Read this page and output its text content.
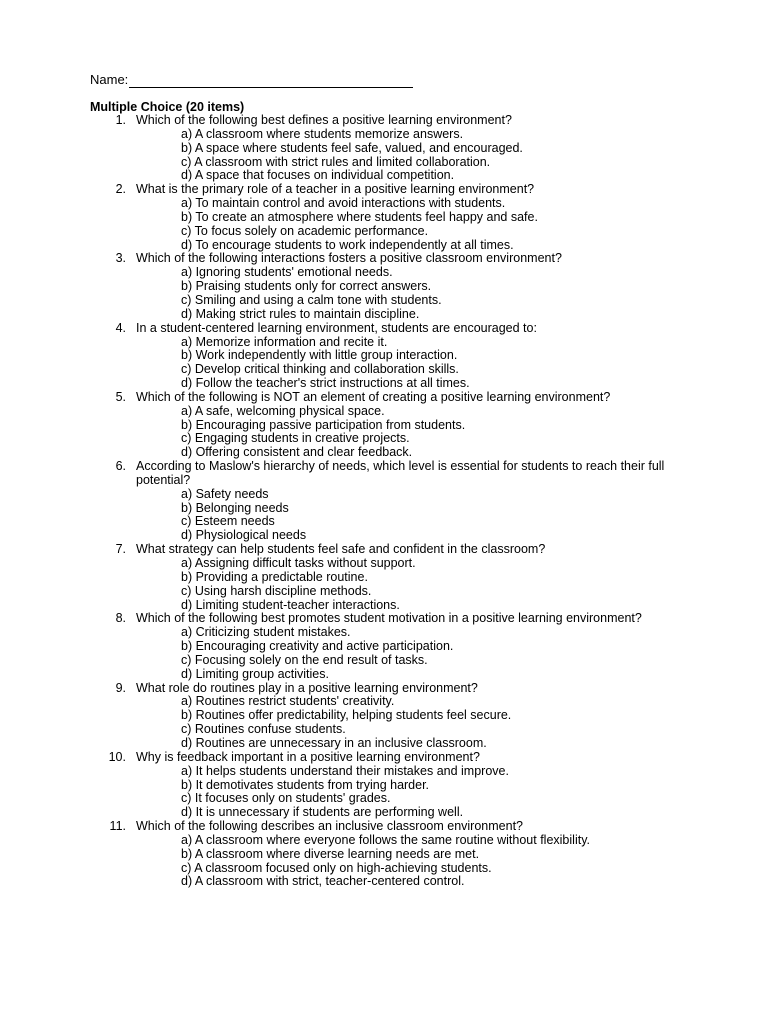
Name:
Multiple Choice (20 items)
1. Which of the following best defines a positive learning environment?
a) A classroom where students memorize answers.
b) A space where students feel safe, valued, and encouraged.
c) A classroom with strict rules and limited collaboration.
d) A space that focuses on individual competition.
2. What is the primary role of a teacher in a positive learning environment?
a) To maintain control and avoid interactions with students.
b) To create an atmosphere where students feel happy and safe.
c) To focus solely on academic performance.
d) To encourage students to work independently at all times.
3. Which of the following interactions fosters a positive classroom environment?
a) Ignoring students' emotional needs.
b) Praising students only for correct answers.
c) Smiling and using a calm tone with students.
d) Making strict rules to maintain discipline.
4. In a student-centered learning environment, students are encouraged to:
a) Memorize information and recite it.
b) Work independently with little group interaction.
c) Develop critical thinking and collaboration skills.
d) Follow the teacher's strict instructions at all times.
5. Which of the following is NOT an element of creating a positive learning environment?
a) A safe, welcoming physical space.
b) Encouraging passive participation from students.
c) Engaging students in creative projects.
d) Offering consistent and clear feedback.
6. According to Maslow's hierarchy of needs, which level is essential for students to reach their full potential?
a) Safety needs
b) Belonging needs
c) Esteem needs
d) Physiological needs
7. What strategy can help students feel safe and confident in the classroom?
a) Assigning difficult tasks without support.
b) Providing a predictable routine.
c) Using harsh discipline methods.
d) Limiting student-teacher interactions.
8. Which of the following best promotes student motivation in a positive learning environment?
a) Criticizing student mistakes.
b) Encouraging creativity and active participation.
c) Focusing solely on the end result of tasks.
d) Limiting group activities.
9. What role do routines play in a positive learning environment?
a) Routines restrict students' creativity.
b) Routines offer predictability, helping students feel secure.
c) Routines confuse students.
d) Routines are unnecessary in an inclusive classroom.
10. Why is feedback important in a positive learning environment?
a) It helps students understand their mistakes and improve.
b) It demotivates students from trying harder.
c) It focuses only on students' grades.
d) It is unnecessary if students are performing well.
11. Which of the following describes an inclusive classroom environment?
a) A classroom where everyone follows the same routine without flexibility.
b) A classroom where diverse learning needs are met.
c) A classroom focused only on high-achieving students.
d) A classroom with strict, teacher-centered control.
